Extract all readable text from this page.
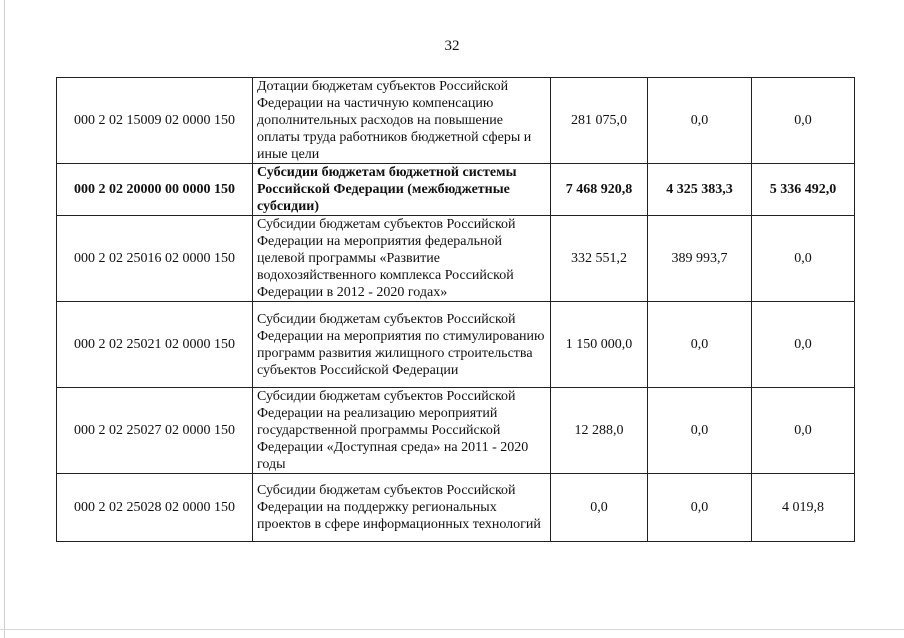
32
000 2 02 15009 02 0000 150	Дотации бюджетам субъектов Российской Федерации на частичную компенсацию дополнительных расходов на повышение оплаты труда работников бюджетной сферы и иные цели	281 075,0	0,0	0,0
000 2 02 20000 00 0000 150	Субсидии бюджетам бюджетной системы Российской Федерации (межбюджетные субсидии)	7 468 920,8	4 325 383,3	5 336 492,0
000 2 02 25016 02 0000 150	Субсидии бюджетам субъектов Российской Федерации на мероприятия федеральной целевой программы «Развитие водохозяйственного комплекса Российской Федерации в 2012 - 2020 годах»	332 551,2	389 993,7	0,0
000 2 02 25021 02 0000 150	Субсидии бюджетам субъектов Российской Федерации на мероприятия по стимулированию программ развития жилищного строительства субъектов Российской Федерации	1 150 000,0	0,0	0,0
000 2 02 25027 02 0000 150	Субсидии бюджетам субъектов Российской Федерации на реализацию мероприятий государственной программы Российской Федерации «Доступная среда» на 2011 - 2020 годы	12 288,0	0,0	0,0
000 2 02 25028 02 0000 150	Субсидии бюджетам субъектов Российской Федерации на поддержку региональных проектов в сфере информационных технологий	0,0	0,0	4 019,8
